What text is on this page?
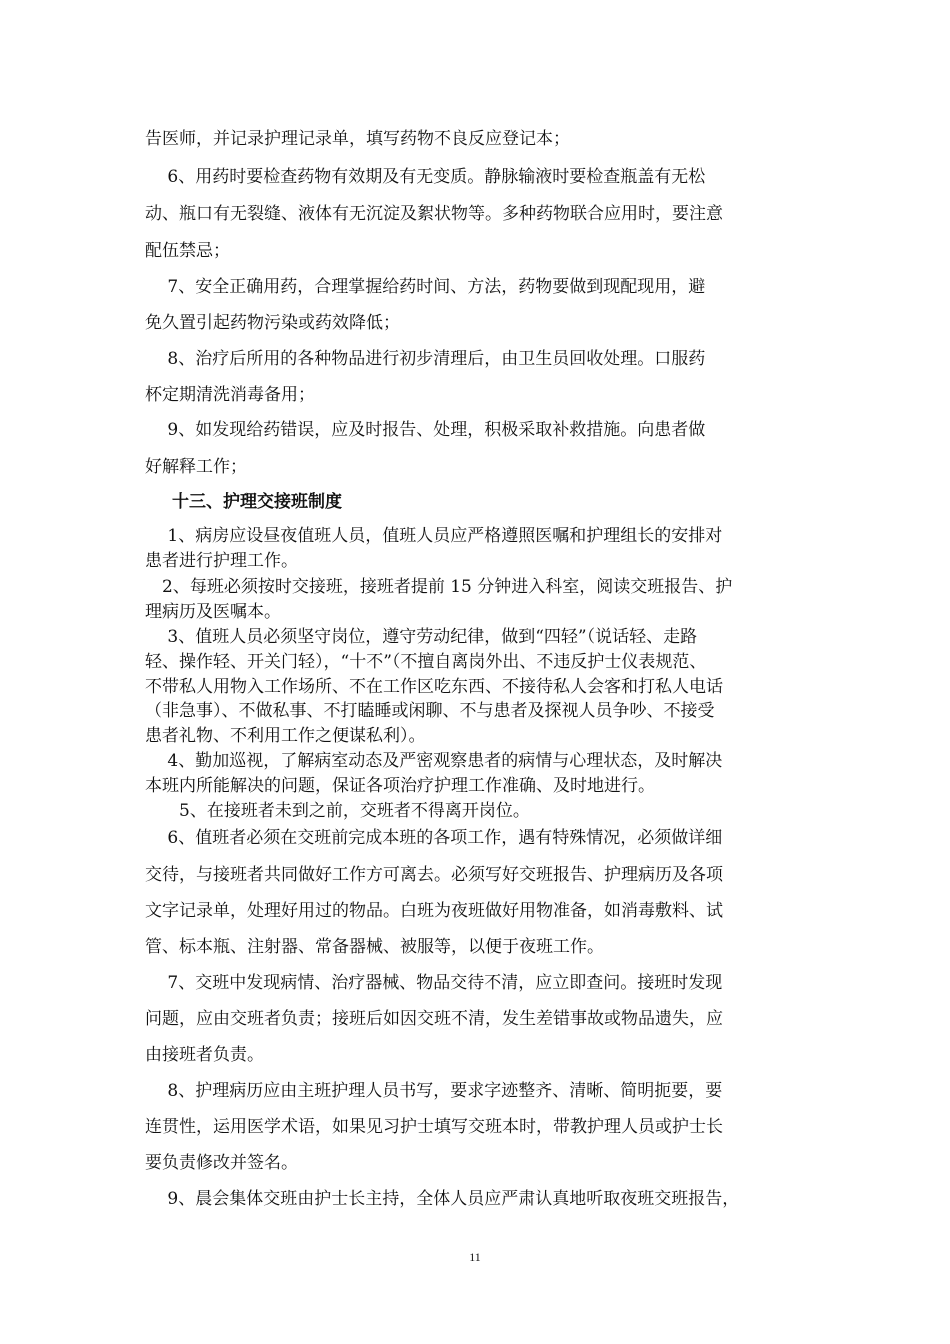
告医师，并记录护理记录单，填写药物不良反应登记本；
　 6、用药时要检查药物有效期及有无变质。静脉输液时要检查瓶盖有无松
动、瓶口有无裂缝、液体有无沉淀及絮状物等。多种药物联合应用时，要注意
配伍禁忌；
　 7、安全正确用药，合理掌握给药时间、方法，药物要做到现配现用，避
免久置引起药物污染或药效降低；
　 8、治疗后所用的各种物品进行初步清理后，由卫生员回收处理。口服药
杯定期清洗消毒备用；
　 9、如发现给药错误，应及时报告、处理，积极采取补救措施。向患者做
好解释工作；
十三、护理交接班制度
　 1、病房应设昼夜值班人员，值班人员应严格遵照医嘱和护理组长的安排对
患者进行护理工作。
　2、每班必须按时交接班，接班者提前 15 分钟进入科室，阅读交班报告、护
理病历及医嘱本。
　 3、值班人员必须坚守岗位，遵守劳动纪律，做到“四轻”（说话轻、走路
轻、操作轻、开关门轻），“十不”（不擅自离岗外出、不违反护士仪表规范、
不带私人用物入工作场所、不在工作区吃东西、不接待私人会客和打私人电话
（非急事）、不做私事、不打瞌睡或闲聊、不与患者及探视人员争吵、不接受
患者礼物、不利用工作之便谋私利）。
　 4、勤加巡视，了解病室动态及严密观察患者的病情与心理状态，及时解决
本班内所能解决的问题，保证各项治疗护理工作准确、及时地进行。
　　5、在接班者未到之前，交班者不得离开岗位。
　 6、值班者必须在交班前完成本班的各项工作，遇有特殊情况，必须做详细
交待，与接班者共同做好工作方可离去。必须写好交班报告、护理病历及各项
文字记录单，处理好用过的物品。白班为夜班做好用物准备，如消毒敷料、试
管、标本瓶、注射器、常备器械、被服等，以便于夜班工作。
　 7、交班中发现病情、治疗器械、物品交待不清，应立即查问。接班时发现
问题，应由交班者负责；接班后如因交班不清，发生差错事故或物品遗失，应
由接班者负责。
　 8、护理病历应由主班护理人员书写，要求字迹整齐、清晰、简明扼要，要
连贯性，运用医学术语，如果见习护士填写交班本时，带教护理人员或护士长
要负责修改并签名。
　 9、晨会集体交班由护士长主持，全体人员应严肃认真地听取夜班交班报告，
11
